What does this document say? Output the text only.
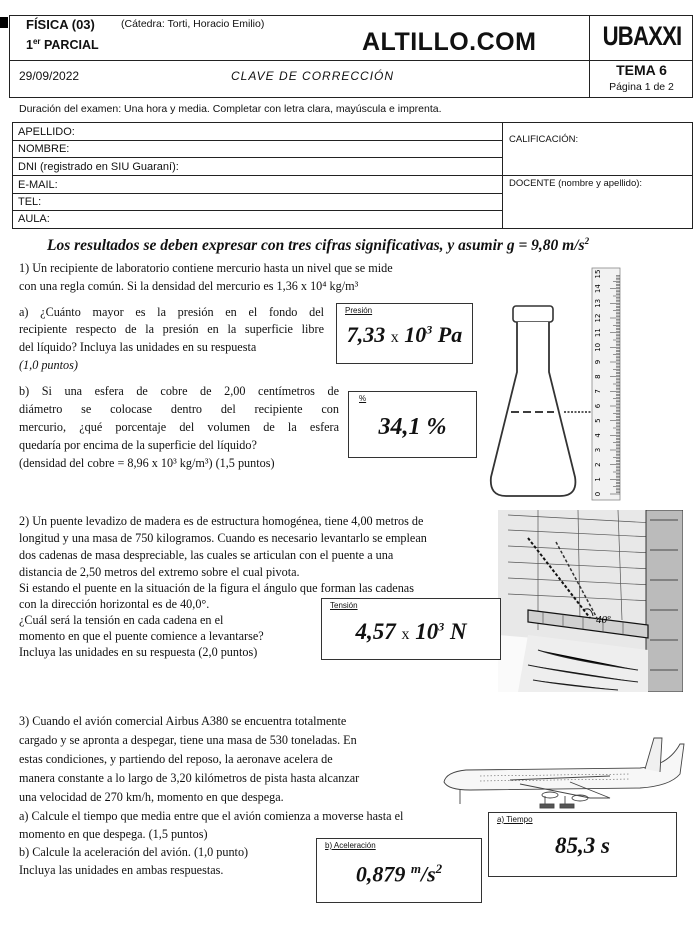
FÍSICA (03) (Cátedra: Torti, Horacio Emilio)
1er PARCIAL	ALTILLO.COM	UBAXXI
29/09/2022	CLAVE DE CORRECCIÓN	TEMA 6
Página 1 de 2
Duración del examen: Una hora y media. Completar con letra clara, mayúscula e imprenta.
APELLIDO:
NOMBRE:
DNI (registrado en SIU Guaraní):
E-MAIL:
TEL:
AULA:
CALIFICACIÓN:
DOCENTE (nombre y apellido):
Los resultados se deben expresar con tres cifras significativas, y asumir g = 9,80 $m/s^2$
1) Un recipiente de laboratorio contiene mercurio hasta un nivel que se mide
con una regla común. Si la densidad del mercurio es 1,36 x 10⁴ kg/m³
a) ¿Cuánto mayor es la presión en el fondo del
recipiente respecto de la presión en la superficie libre
del líquido? Incluya las unidades en su respuesta
(1,0 puntos)
b) Si una esfera de cobre de 2,00 centímetros de
diámetro se colocase dentro del recipiente con
mercurio, ¿qué porcentaje del volumen de la esfera
quedaría por encima de la superficie del líquido?
(densidad del cobre = 8,96 x 10³ kg/m³) (1,5 puntos)
Presión
7,33 x $10^3$ Pa
%
34,1 %
0
1
2
3
4
5
6
7
8
9
10
11
12
13
14
15
2) Un puente levadizo de madera es de estructura homogénea, tiene 4,00 metros de
longitud y una masa de 750 kilogramos. Cuando es necesario levantarlo se emplean
dos cadenas de masa despreciable, las cuales se articulan con el puente a una
distancia de 2,50 metros del extremo sobre el cual pivota.
Si estando el puente en la situación de la figura el ángulo que forman las cadenas
con la dirección horizontal es de 40,0°.
¿Cuál será la tensión en cada cadena en el
momento en que el puente comience a levantarse?
Incluya las unidades en su respuesta (2,0 puntos)
40º
Tensión
4,57 x $10^3$ N
3) Cuando el avión comercial Airbus A380 se encuentra totalmente
cargado y se apronta a despegar, tiene una masa de 530 toneladas. En
estas condiciones, y partiendo del reposo, la aeronave acelera de
manera constante a lo largo de 3,20 kilómetros de pista hasta alcanzar
una velocidad de 270 km/h, momento en que despega.
a) Calcule el tiempo que media entre que el avión comienza a moverse hasta el
momento en que despega. (1,5 puntos)
b) Calcule la aceleración del avión. (1,0 punto)
Incluya las unidades en ambas respuestas.
a) Tiempo
85,3 s
b) Aceleración
0,879 $^m/s^2$
